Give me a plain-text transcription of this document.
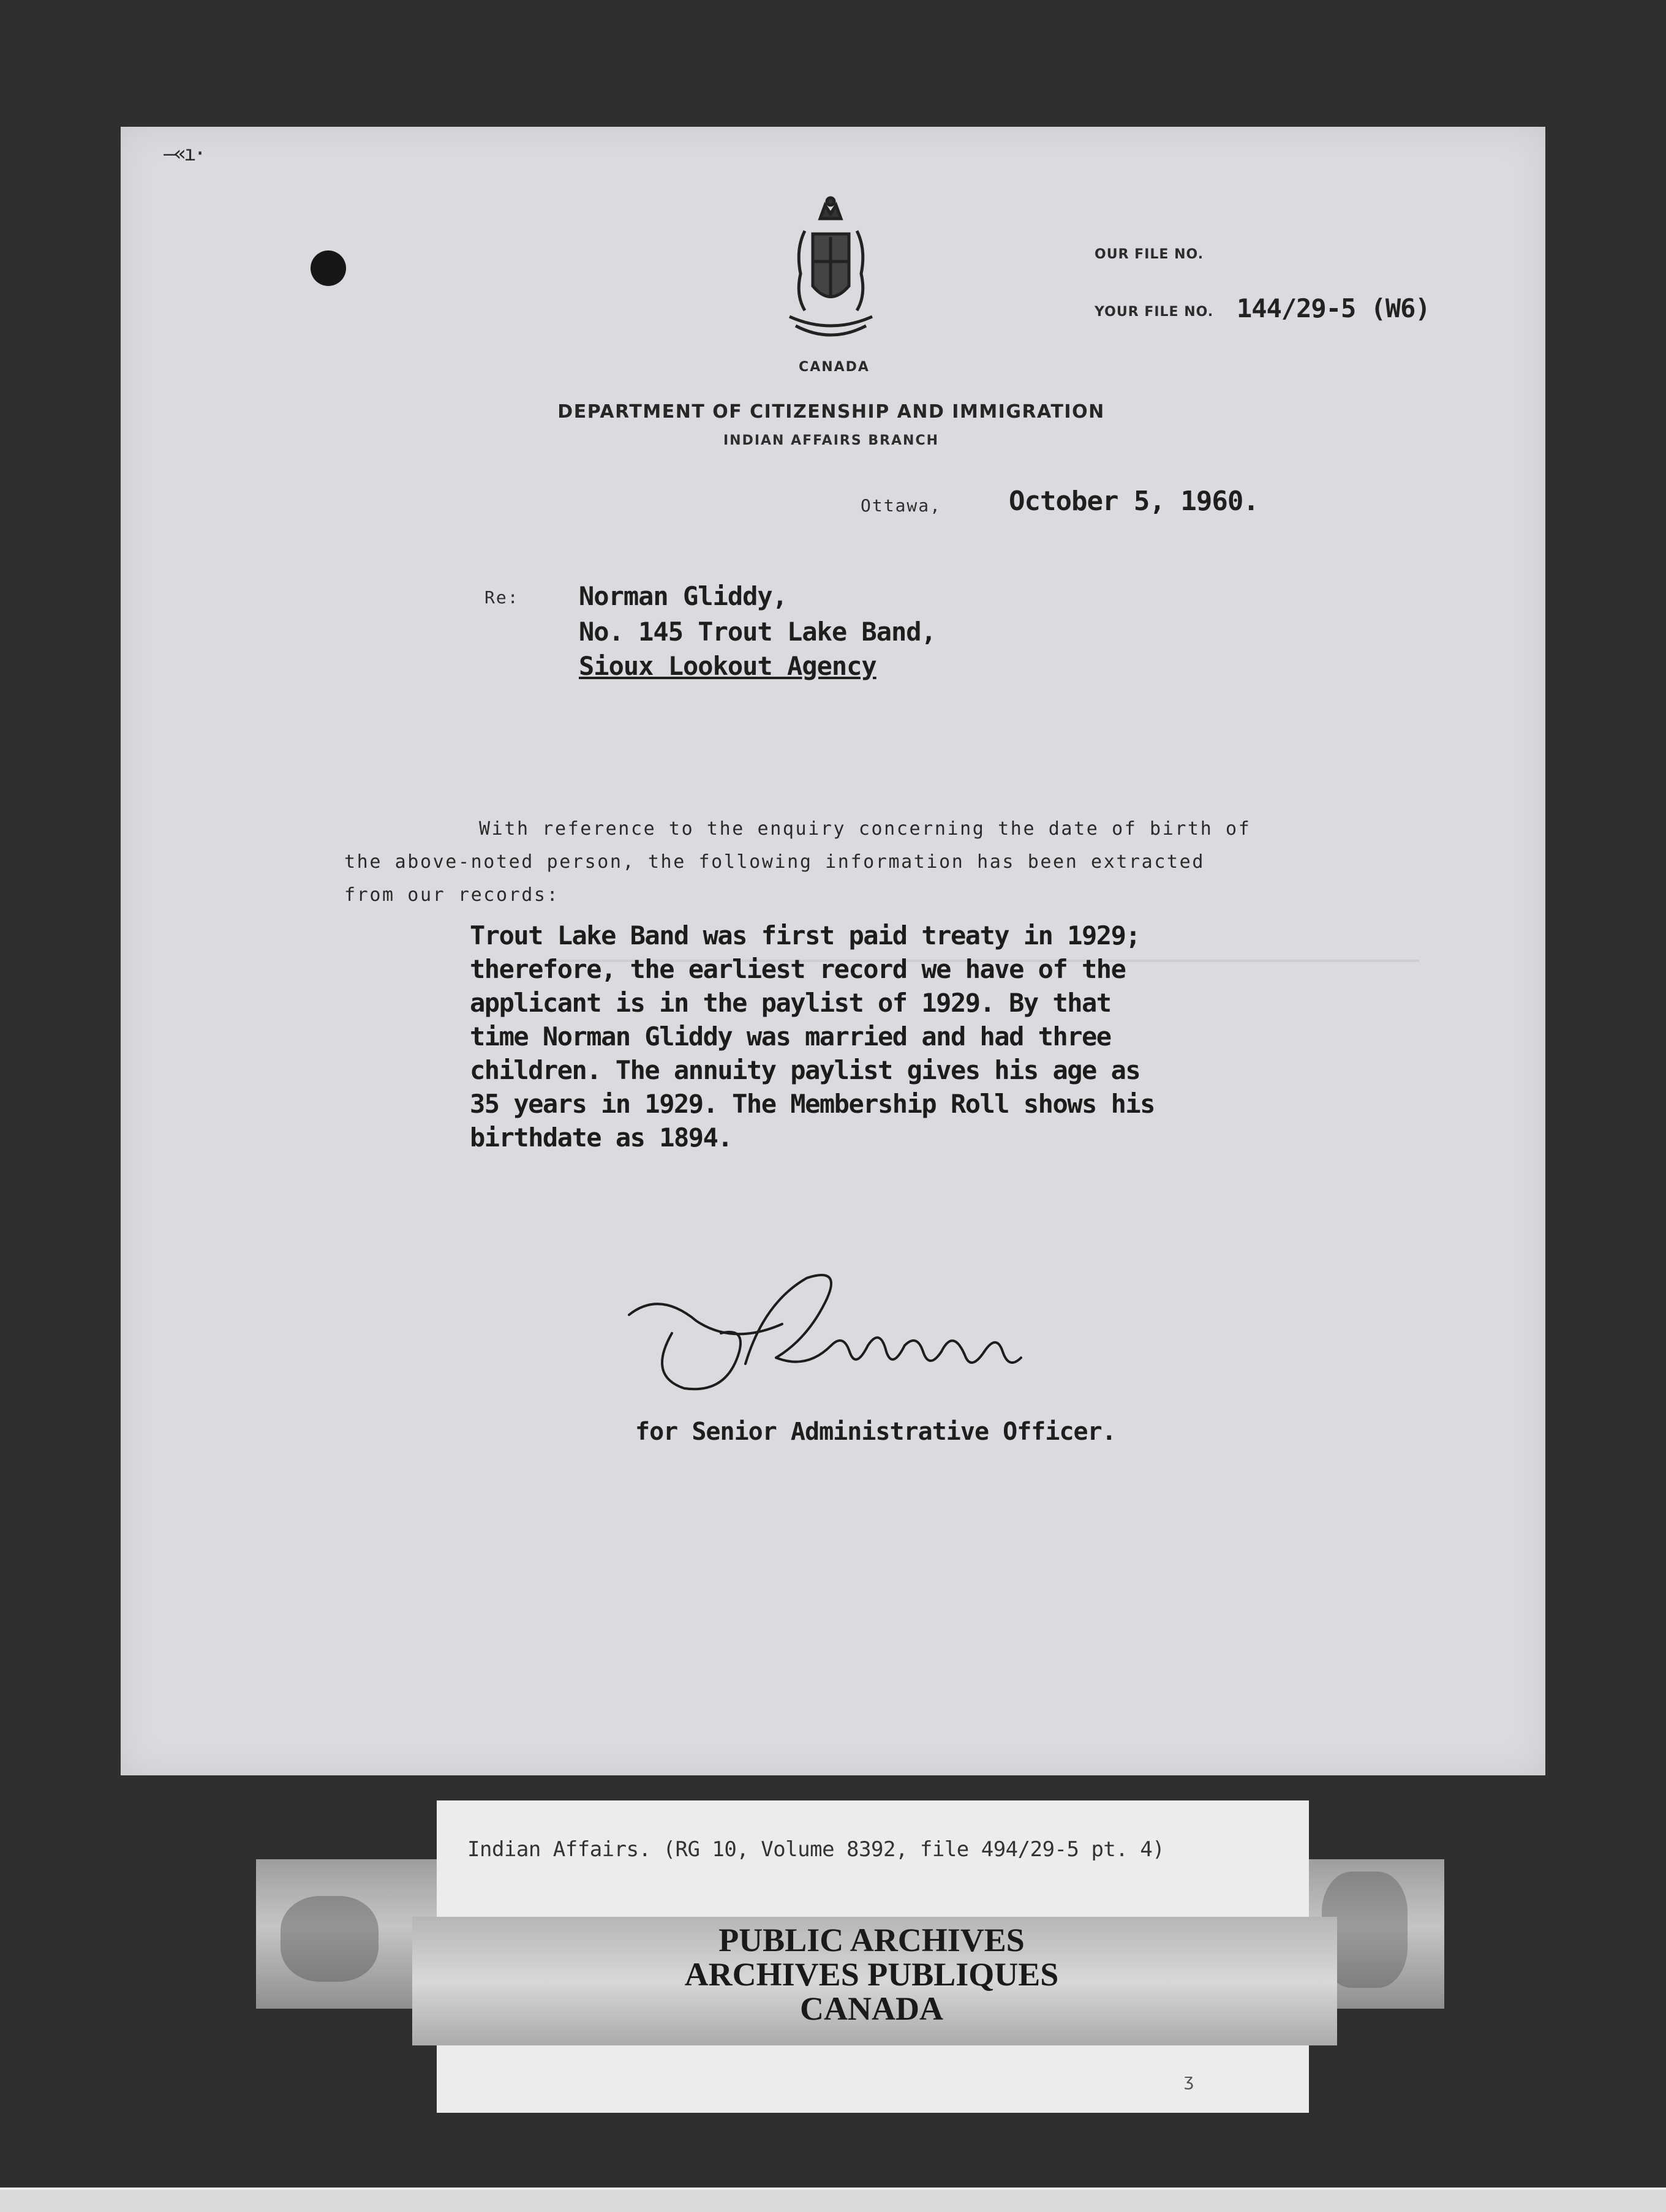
—«ı·
CANADA
DEPARTMENT OF CITIZENSHIP AND IMMIGRATION
INDIAN AFFAIRS BRANCH
OUR FILE NO.
YOUR FILE NO. 144/29-5 (W6)
Ottawa, October 5, 1960.
Re: Norman Gliddy,
No. 145 Trout Lake Band,
Sioux Lookout Agency
With reference to the enquiry concerning the date of birth of
the above-noted person, the following information has been extracted
from our records:
Trout Lake Band was first paid treaty in 1929;
therefore, the earliest record we have of the
applicant is in the paylist of 1929. By that
time Norman Gliddy was married and had three
children. The annuity paylist gives his age as
35 years in 1929. The Membership Roll shows his
birthdate as 1894.
for Senior Administrative Officer.
Indian Affairs. (RG 10, Volume 8392, file 494/29-5 pt. 4)
PUBLIC ARCHIVES
ARCHIVES PUBLIQUES
CANADA
ʒ
